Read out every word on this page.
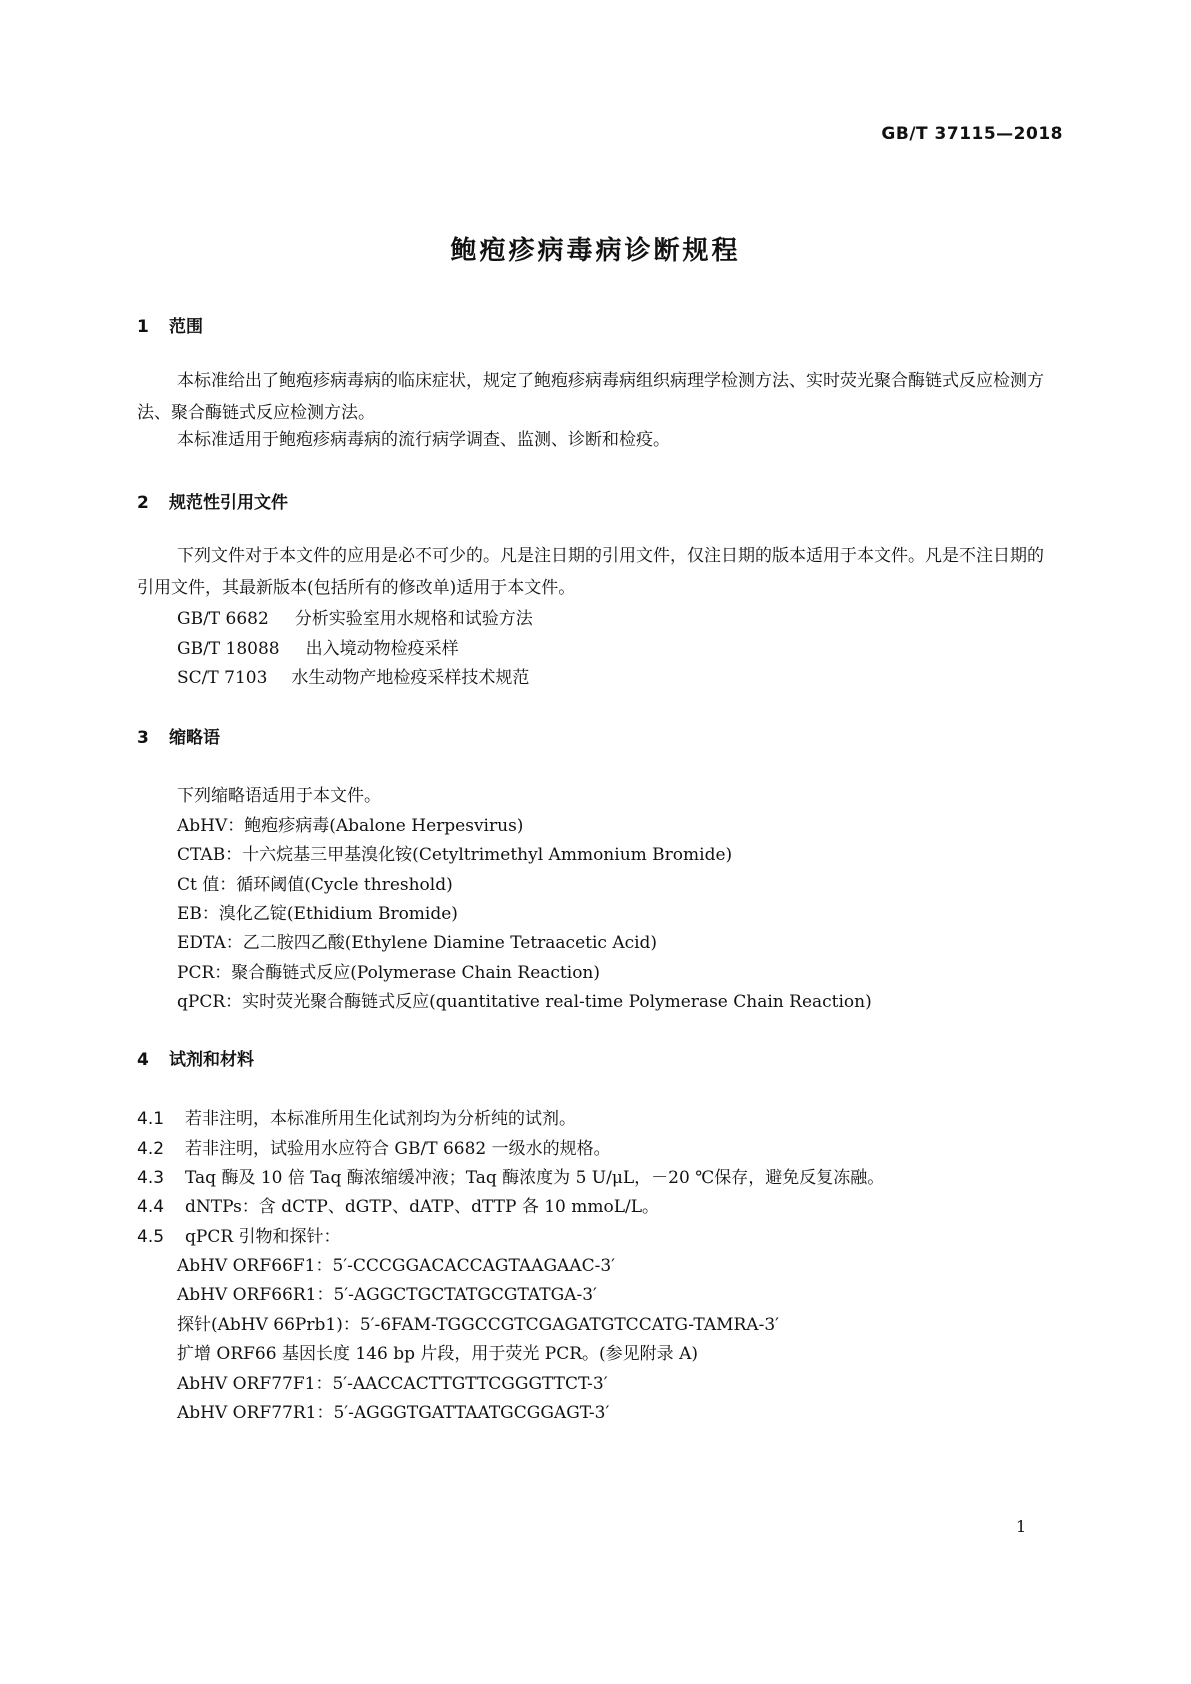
GB/T 37115—2018
鲍疱疹病毒病诊断规程
1 范围

本标准给出了鲍疱疹病毒病的临床症状，规定了鲍疱疹病毒病组织病理学检测方法、实时荧光聚合酶链式反应检测方法、聚合酶链式反应检测方法。

本标准适用于鲍疱疹病毒病的流行病学调查、监测、诊断和检疫。

2 规范性引用文件

下列文件对于本文件的应用是必不可少的。凡是注日期的引用文件，仅注日期的版本适用于本文件。凡是不注日期的引用文件，其最新版本(包括所有的修改单)适用于本文件。

GB/T 6682 分析实验室用水规格和试验方法
GB/T 18088 出入境动物检疫采样
SC/T 7103 水生动物产地检疫采样技术规范
3 缩略语
下列缩略语适用于本文件。
AbHV：鲍疱疹病毒(Abalone Herpesvirus)
CTAB：十六烷基三甲基溴化铵(Cetyltrimethyl Ammonium Bromide)
Ct 值：循环阈值(Cycle threshold)
EB：溴化乙锭(Ethidium Bromide)
EDTA：乙二胺四乙酸(Ethylene Diamine Tetraacetic Acid)
PCR：聚合酶链式反应(Polymerase Chain Reaction)
qPCR：实时荧光聚合酶链式反应(quantitative real-time Polymerase Chain Reaction)
4 试剂和材料
4.1 若非注明，本标准所用生化试剂均为分析纯的试剂。
4.2 若非注明，试验用水应符合 GB/T 6682 一级水的规格。
4.3 Taq 酶及 10 倍 Taq 酶浓缩缓冲液；Taq 酶浓度为 5 U/μL，－20 ℃保存，避免反复冻融。
4.4 dNTPs：含 dCTP、dGTP、dATP、dTTP 各 10 mmoL/L。
4.5 qPCR 引物和探针：
AbHV ORF66F1：5′-CCCGGACACCAGTAAGAAC-3′
AbHV ORF66R1：5′-AGGCTGCTATGCGTATGA-3′
探针(AbHV 66Prb1)：5′-6FAM-TGGCCGTCGAGATGTCCATG-TAMRA-3′
扩增 ORF66 基因长度 146 bp 片段，用于荧光 PCR。(参见附录 A)
AbHV ORF77F1：5′-AACCACTTGTTCGGGTTCT-3′
AbHV ORF77R1：5′-AGGGTGATTAATGCGGAGT-3′
1
